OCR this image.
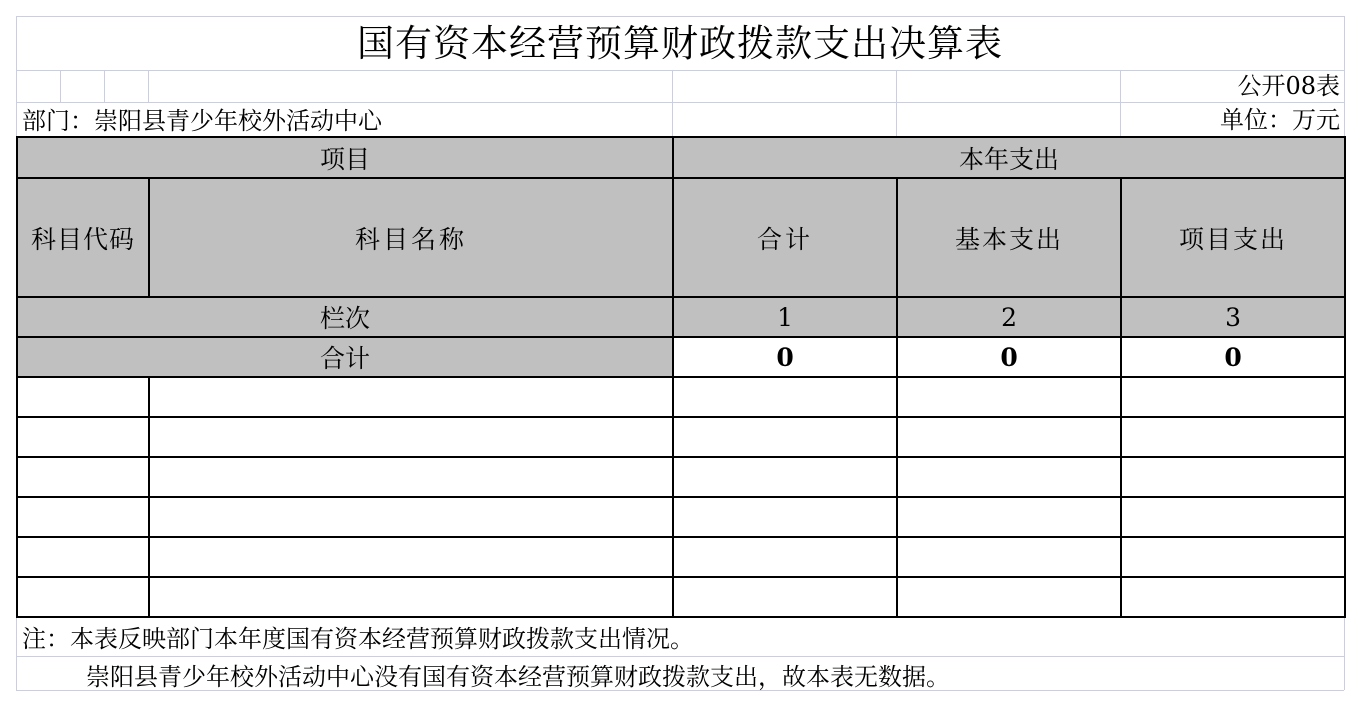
国有资本经营预算财政拨款支出决算表
公开08表
部门：崇阳县青少年校外活动中心	单位：万元
项目		本年支出		
科目代码	科目名称	合计	基本支出	项目支出
栏次		1	2	3
合计		0	0	0

注：本表反映部门本年度国有资本经营预算财政拨款支出情况。
崇阳县青少年校外活动中心没有国有资本经营预算财政拨款支出，故本表无数据。
